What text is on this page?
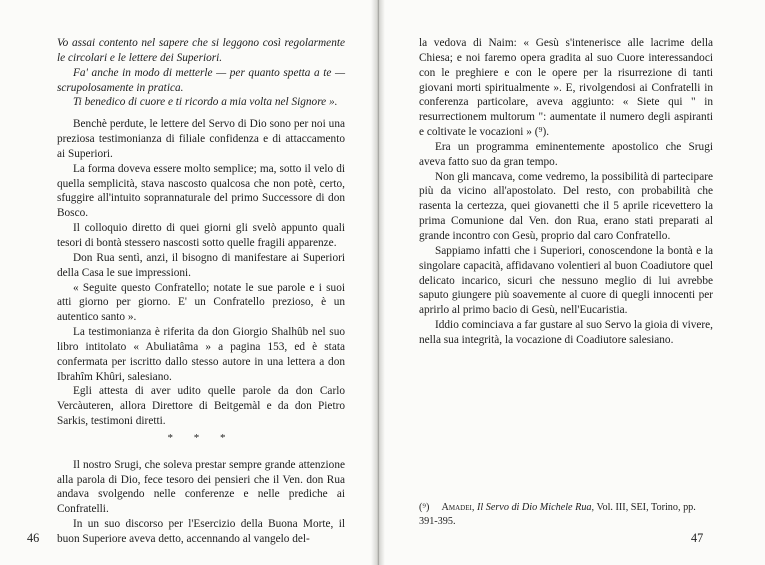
Vo assai contento nel sapere che si leggono così regolarmente le circolari e le lettere dei Superiori.

Fa' anche in modo di metterle — per quanto spetta a te — scrupolosamente in pratica.

Ti benedico di cuore e ti ricordo a mia volta nel Signore ».

Benchè perdute, le lettere del Servo di Dio sono per noi una preziosa testimonianza di filiale confidenza e di attaccamento ai Superiori.

La forma doveva essere molto semplice; ma, sotto il velo di quella semplicità, stava nascosto qualcosa che non potè, certo, sfuggire all'intuito soprannaturale del primo Successore di don Bosco.

Il colloquio diretto di quei giorni gli svelò appunto quali tesori di bontà stessero nascosti sotto quelle fragili apparenze.

Don Rua sentì, anzi, il bisogno di manifestare ai Superiori della Casa le sue impressioni.

« Seguite questo Confratello; notate le sue parole e i suoi atti giorno per giorno. E' un Confratello prezioso, è un autentico santo ».

La testimonianza è riferita da don Giorgio Shalhûb nel suo libro intitolato « Abuliatâma » a pagina 153, ed è stata confermata per iscritto dallo stesso autore in una lettera a don Ibrahîm Khûri, salesiano.

Egli attesta di aver udito quelle parole da don Carlo Vercàuteren, allora Direttore di Beitgemàl e da don Pietro Sarkis, testimoni diretti.

* * *

Il nostro Srugi, che soleva prestar sempre grande attenzione alla parola di Dio, fece tesoro dei pensieri che il Ven. don Rua andava svolgendo nelle conferenze e nelle prediche ai Confratelli.

In un suo discorso per l'Esercizio della Buona Morte, il buon Superiore aveva detto, accennando al vangelo del-

46

la vedova di Naim: « Gesù s'intenerisce alle lacrime della Chiesa; e noi faremo opera gradita al suo Cuore interessandoci con le preghiere e con le opere per la risurrezione di tanti giovani morti spiritualmente ». E, rivolgendosi ai Confratelli in conferenza particolare, aveva aggiunto: « Siete qui " in resurrectionem multorum ": aumentate il numero degli aspiranti e coltivate le vocazioni » (⁹).

Era un programma eminentemente apostolico che Srugi aveva fatto suo da gran tempo.

Non gli mancava, come vedremo, la possibilità di partecipare più da vicino all'apostolato. Del resto, con probabilità che rasenta la certezza, quei giovanetti che il 5 aprile ricevettero la prima Comunione dal Ven. don Rua, erano stati preparati al grande incontro con Gesù, proprio dal caro Confratello.

Sappiamo infatti che i Superiori, conoscendone la bontà e la singolare capacità, affidavano volentieri al buon Coadiutore quel delicato incarico, sicuri che nessuno meglio di lui avrebbe saputo giungere più soavemente al cuore di quegli innocenti per aprirlo al primo bacio di Gesù, nell'Eucaristia.

Iddio cominciava a far gustare al suo Servo la gioia di vivere, nella sua integrità, la vocazione di Coadiutore salesiano.

(⁹) Amadei, Il Servo di Dio Michele Rua, Vol. III, SEI, Torino, pp. 391-395.
47
